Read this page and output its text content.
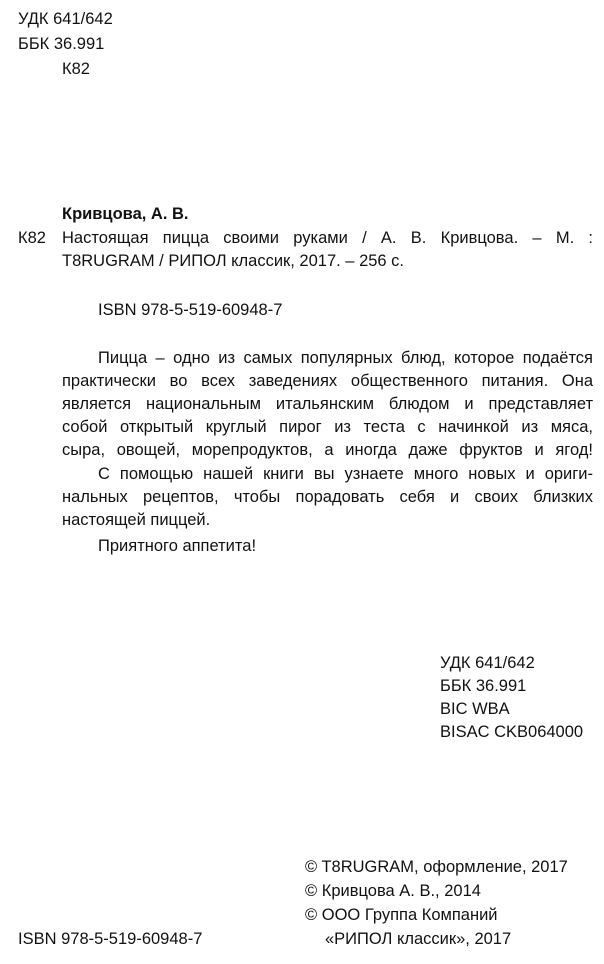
УДК 641/642
ББК 36.991
К82
Кривцова, А. В.
К82 Настоящая пицца своими руками / А. В. Кривцова. – М. :
T8RUGRAM / РИПОЛ классик, 2017. – 256 с.
ISBN 978-5-519-60948-7
Пицца – одно из самых популярных блюд, которое подаётся
практически во всех заведениях общественного питания. Она
является национальным итальянским блюдом и представляет
собой открытый круглый пирог из теста с начинкой из мяса,
сыра, овощей, морепродуктов, а иногда даже фруктов и ягод!
С помощью нашей книги вы узнаете много новых и ориги-
нальных рецептов, чтобы порадовать себя и своих близких
настоящей пиццей.
Приятного аппетита!
УДК 641/642
ББК 36.991
BIC WBA
BISAC CKB064000
© T8RUGRAM, оформление, 2017
© Кривцова А. В., 2014
© ООО Группа Компаний
«РИПОЛ классик», 2017
ISBN 978-5-519-60948-7
